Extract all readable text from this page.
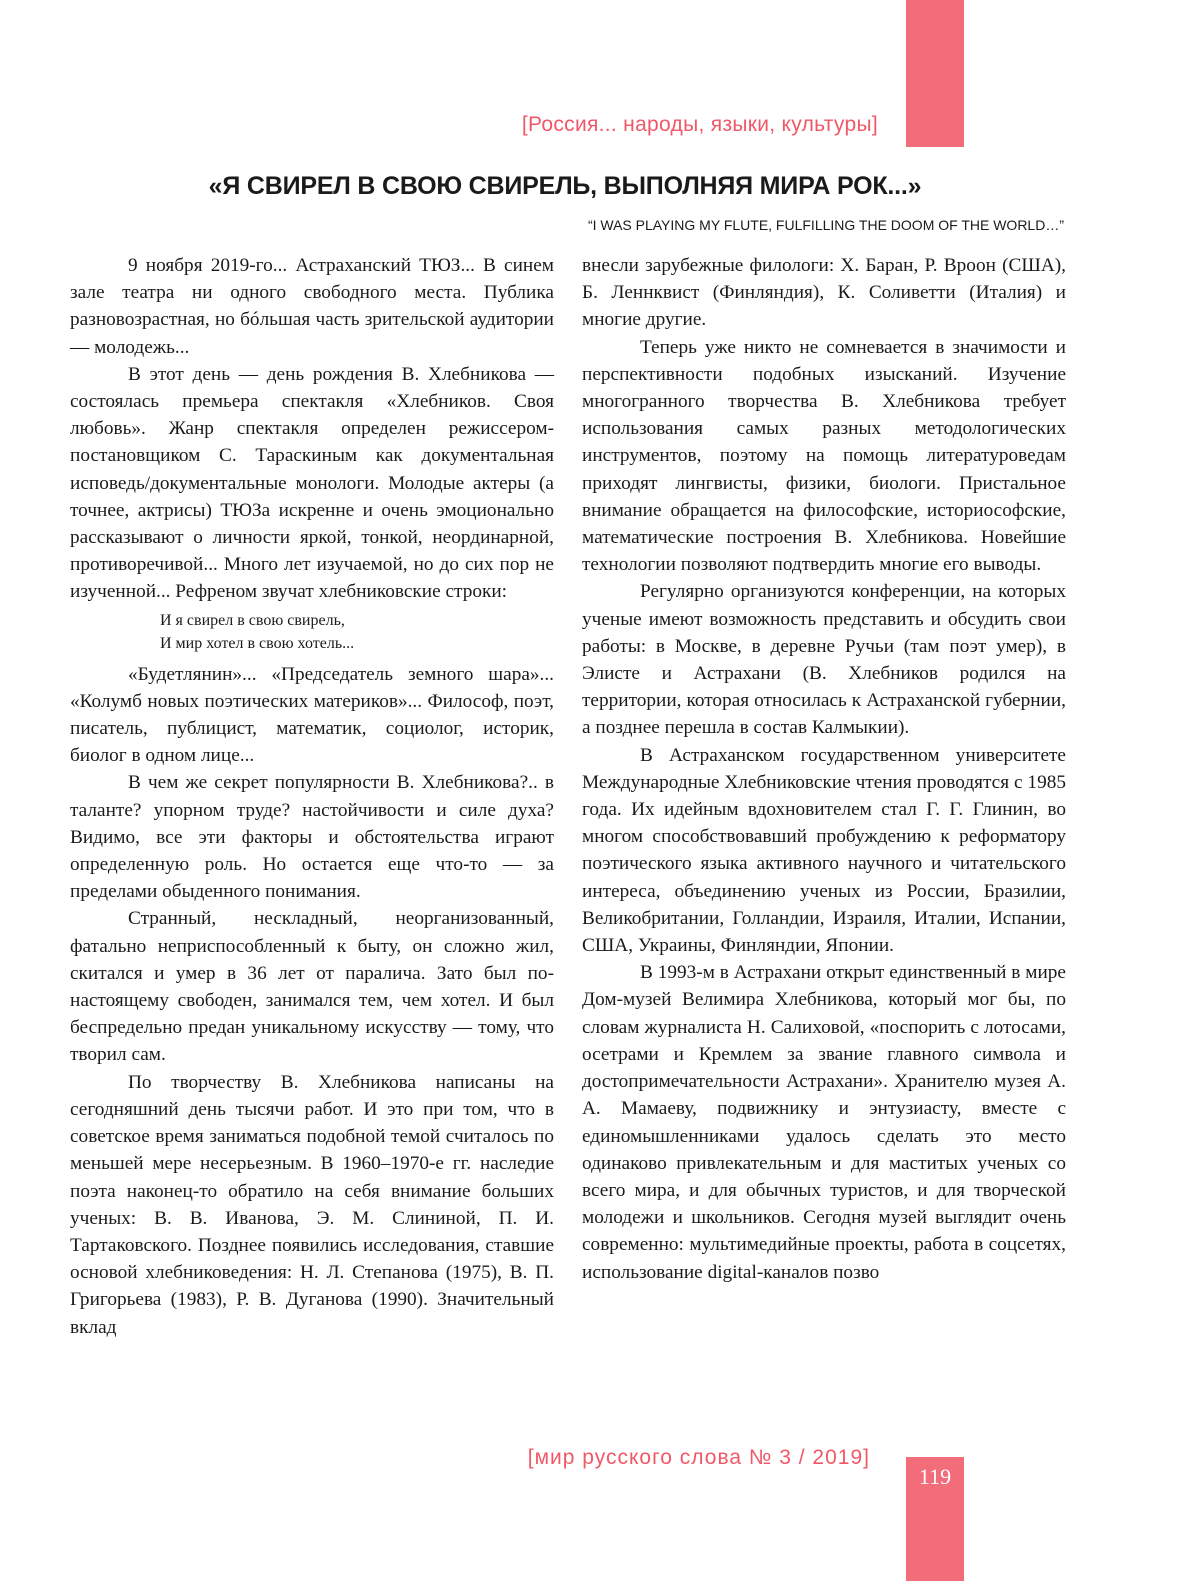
[Россия... народы, языки, культуры]
«Я СВИРЕЛ В СВОЮ СВИРЕЛЬ, ВЫПОЛНЯЯ МИРА РОК...»
“I WAS PLAYING MY FLUTE, FULFILLING THE DOOM OF THE WORLD…”

9 ноября 2019-го... Астраханский ТЮЗ... В синем зале театра ни одного свободного места. Публика разновозрастная, но бóльшая часть зрительской аудитории — молодежь...

В этот день — день рождения В. Хлебникова — состоялась премьера спектакля «Хлебников. Своя любовь». Жанр спектакля определен режиссером-постановщиком С. Тараскиным как документальная исповедь/документальные монологи. Молодые актеры (а точнее, актрисы) ТЮЗа искренне и очень эмоционально рассказывают о личности яркой, тонкой, неординарной, противоречивой... Много лет изучаемой, но до сих пор не изученной... Рефреном звучат хлебниковские строки:

И я свирел в свою свирель,
И мир хотел в свою хотель...

«Будетлянин»... «Председатель земного шара»... «Колумб новых поэтических материков»... Философ, поэт, писатель, публицист, математик, социолог, историк, биолог в одном лице...

В чем же секрет популярности В. Хлебникова?.. в таланте? упорном труде? настойчивости и силе духа? Видимо, все эти факторы и обстоятельства играют определенную роль. Но остается еще что-то — за пределами обыденного понимания.

Странный, нескладный, неорганизованный, фатально неприспособленный к быту, он сложно жил, скитался и умер в 36 лет от паралича. Зато был по-настоящему свободен, занимался тем, чем хотел. И был беспредельно предан уникальному искусству — тому, что творил сам.

По творчеству В. Хлебникова написаны на сегодняшний день тысячи работ. И это при том, что в советское время заниматься подобной темой считалось по меньшей мере несерьезным. В 1960–1970-е гг. наследие поэта наконец-то обратило на себя внимание больших ученых: В. В. Иванова, Э. М. Слининой, П. И. Тартаковского. Позднее появились исследования, ставшие основой хлебниковедения: Н. Л. Степанова (1975), В. П. Григорьева (1983), Р. В. Дуганова (1990). Значительный вклад

внесли зарубежные филологи: Х. Баран, Р. Вроон (США), Б. Леннквист (Финляндия), К. Соливетти (Италия) и многие другие.

Теперь уже никто не сомневается в значимости и перспективности подобных изысканий. Изучение многогранного творчества В. Хлебникова требует использования самых разных методологических инструментов, поэтому на помощь литературоведам приходят лингвисты, физики, биологи. Пристальное внимание обращается на философские, историософские, математические построения В. Хлебникова. Новейшие технологии позволяют подтвердить многие его выводы.

Регулярно организуются конференции, на которых ученые имеют возможность представить и обсудить свои работы: в Москве, в деревне Ручьи (там поэт умер), в Элисте и Астрахани (В. Хлебников родился на территории, которая относилась к Астраханской губернии, а позднее перешла в состав Калмыкии).

В Астраханском государственном университете Международные Хлебниковские чтения проводятся с 1985 года. Их идейным вдохновителем стал Г. Г. Глинин, во многом способствовавший пробуждению к реформатору поэтического языка активного научного и читательского интереса, объединению ученых из России, Бразилии, Великобритании, Голландии, Израиля, Италии, Испании, США, Украины, Финляндии, Японии.

В 1993-м в Астрахани открыт единственный в мире Дом-музей Велимира Хлебникова, который мог бы, по словам журналиста Н. Салиховой, «поспорить с лотосами, осетрами и Кремлем за звание главного символа и достопримечательности Астрахани». Хранителю музея А. А. Мамаеву, подвижнику и энтузиасту, вместе с единомышленниками удалось сделать это место одинаково привлекательным и для маститых ученых со всего мира, и для обычных туристов, и для творческой молодежи и школьников. Сегодня музей выглядит очень современно: мультимедийные проекты, работа в соцсетях, использование digital-каналов позво

[мир русского слова № 3 / 2019]
119
